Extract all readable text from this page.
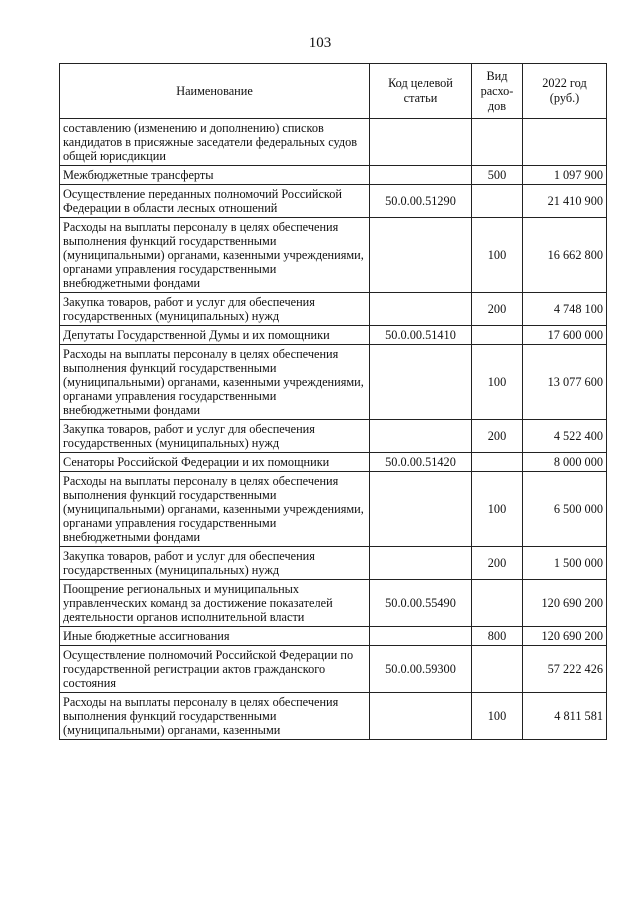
103
Наименование	Код целевой статьи	Вид расхо- дов	2022 год (руб.)
составлению (изменению и дополнению) списков кандидатов в присяжные заседатели федеральных судов общей юрисдикции			
Межбюджетные трансферты		500	1 097 900
Осуществление переданных полномочий Российской Федерации в области лесных отношений	50.0.00.51290		21 410 900
Расходы на выплаты персоналу в целях обеспечения выполнения функций государственными (муниципальными) органами, казенными учреждениями, органами управления государственными внебюджетными фондами		100	16 662 800
Закупка товаров, работ и услуг для обеспечения государственных (муниципальных) нужд		200	4 748 100
Депутаты Государственной Думы и их помощники	50.0.00.51410		17 600 000
Расходы на выплаты персоналу в целях обеспечения выполнения функций государственными (муниципальными) органами, казенными учреждениями, органами управления государственными внебюджетными фондами		100	13 077 600
Закупка товаров, работ и услуг для обеспечения государственных (муниципальных) нужд		200	4 522 400
Сенаторы Российской Федерации и их помощники	50.0.00.51420		8 000 000
Расходы на выплаты персоналу в целях обеспечения выполнения функций государственными (муниципальными) органами, казенными учреждениями, органами управления государственными внебюджетными фондами		100	6 500 000
Закупка товаров, работ и услуг для обеспечения государственных (муниципальных) нужд		200	1 500 000
Поощрение региональных и муниципальных управленческих команд за достижение показателей деятельности органов исполнительной власти	50.0.00.55490		120 690 200
Иные бюджетные ассигнования		800	120 690 200
Осуществление полномочий Российской Федерации по государственной регистрации актов гражданского состояния	50.0.00.59300		57 222 426
Расходы на выплаты персоналу в целях обеспечения выполнения функций государственными (муниципальными) органами, казенными		100	4 811 581
